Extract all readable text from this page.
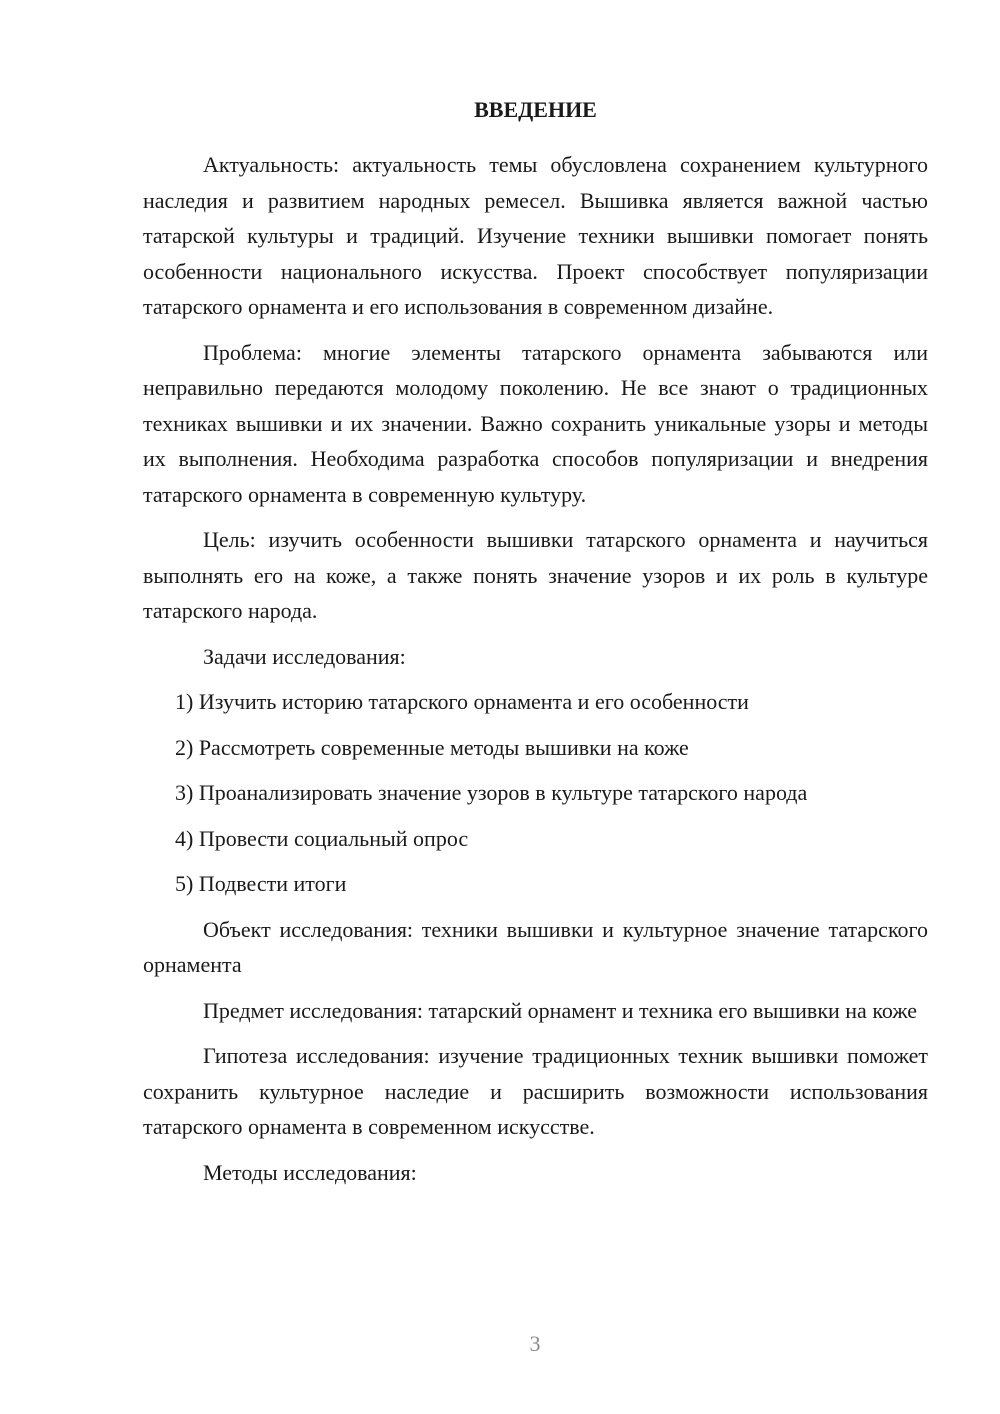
ВВЕДЕНИЕ

Актуальность: актуальность темы обусловлена сохранением культурного наследия и развитием народных ремесел. Вышивка является важной частью татарской культуры и традиций. Изучение техники вышивки помогает понять особенности национального искусства. Проект способствует популяризации татарского орнамента и его использования в современном дизайне.

Проблема: многие элементы татарского орнамента забываются или неправильно передаются молодому поколению. Не все знают о традиционных техниках вышивки и их значении. Важно сохранить уникальные узоры и методы их выполнения. Необходима разработка способов популяризации и внедрения татарского орнамента в современную культуру.

Цель: изучить особенности вышивки татарского орнамента и научиться выполнять его на коже, а также понять значение узоров и их роль в культуре татарского народа.

Задачи исследования:
1) Изучить историю татарского орнамента и его особенности
2) Рассмотреть современные методы вышивки на коже
3) Проанализировать значение узоров в культуре татарского народа
4) Провести социальный опрос
5) Подвести итоги

Объект исследования: техники вышивки и культурное значение татарского орнамента

Предмет исследования: татарский орнамент и техника его вышивки на коже

Гипотеза исследования: изучение традиционных техник вышивки поможет сохранить культурное наследие и расширить возможности использования татарского орнамента в современном искусстве.

Методы исследования:

3
